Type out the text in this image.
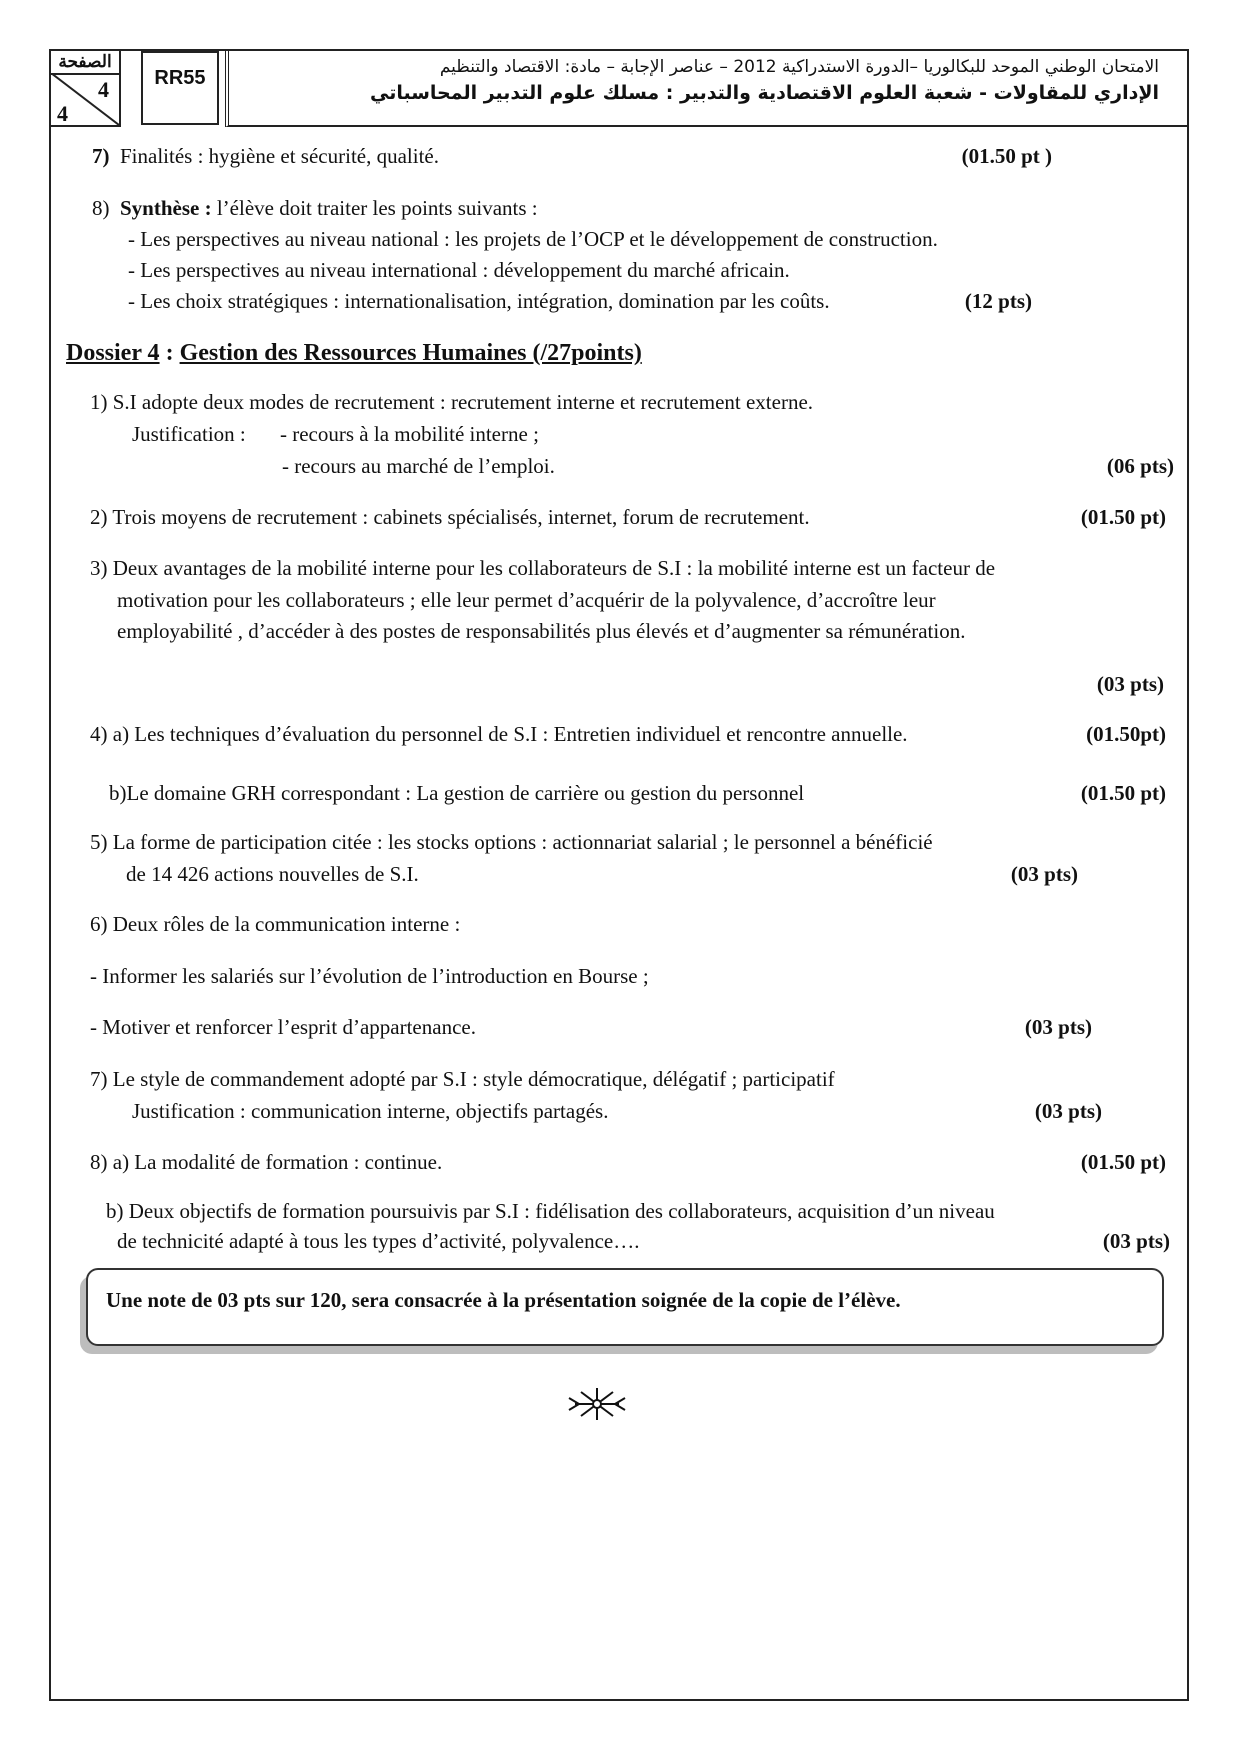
الصفحة
4
4
RR55	الامتحان الوطني الموحد للبكالوريا –الدورة الاستدراكية 2012 – عناصر الإجابة – مادة: الاقتصاد والتنظيم
الإداري للمقاولات - شعبة العلوم الاقتصادية والتدبير : مسلك علوم التدبير المحاسباتي
7) Finalités : hygiène et sécurité, qualité.	(01.50 pt )
8) Synthèse : l’élève doit traiter les points suivants :
- Les perspectives au niveau national : les projets de l’OCP et le développement de construction.
- Les perspectives au niveau international : développement du marché africain.
- Les choix stratégiques : internationalisation, intégration, domination par les coûts.	(12 pts)
Dossier 4 : Gestion des Ressources Humaines (/27points)
1) S.I adopte deux modes de recrutement : recrutement interne et recrutement externe.
Justification : - recours à la mobilité interne ;
- recours au marché de l’emploi.	(06 pts)
2) Trois moyens de recrutement : cabinets spécialisés, internet, forum de recrutement.	(01.50 pt)
3) Deux avantages de la mobilité interne pour les collaborateurs de S.I : la mobilité interne est un facteur de
motivation pour les collaborateurs ; elle leur permet d’acquérir de la polyvalence, d’accroître leur
employabilité , d’accéder à des postes de responsabilités plus élevés et d’augmenter sa rémunération.
(03 pts)
4) a) Les techniques d’évaluation du personnel de S.I : Entretien individuel et rencontre annuelle.	(01.50pt)
b)Le domaine GRH correspondant : La gestion de carrière ou gestion du personnel	(01.50 pt)
5) La forme de participation citée : les stocks options : actionnariat salarial ; le personnel a bénéficié
de 14 426 actions nouvelles de S.I.	(03 pts)
6) Deux rôles de la communication interne :
- Informer les salariés sur l’évolution de l’introduction en Bourse ;
- Motiver et renforcer l’esprit d’appartenance.	(03 pts)
7) Le style de commandement adopté par S.I : style démocratique, délégatif ; participatif
Justification : communication interne, objectifs partagés.	(03 pts)
8) a) La modalité de formation : continue.	(01.50 pt)
b) Deux objectifs de formation poursuivis par S.I : fidélisation des collaborateurs, acquisition d’un niveau
de technicité adapté à tous les types d’activité, polyvalence….	(03 pts)
Une note de 03 pts sur 120, sera consacrée à la présentation soignée de la copie de l’élève.
